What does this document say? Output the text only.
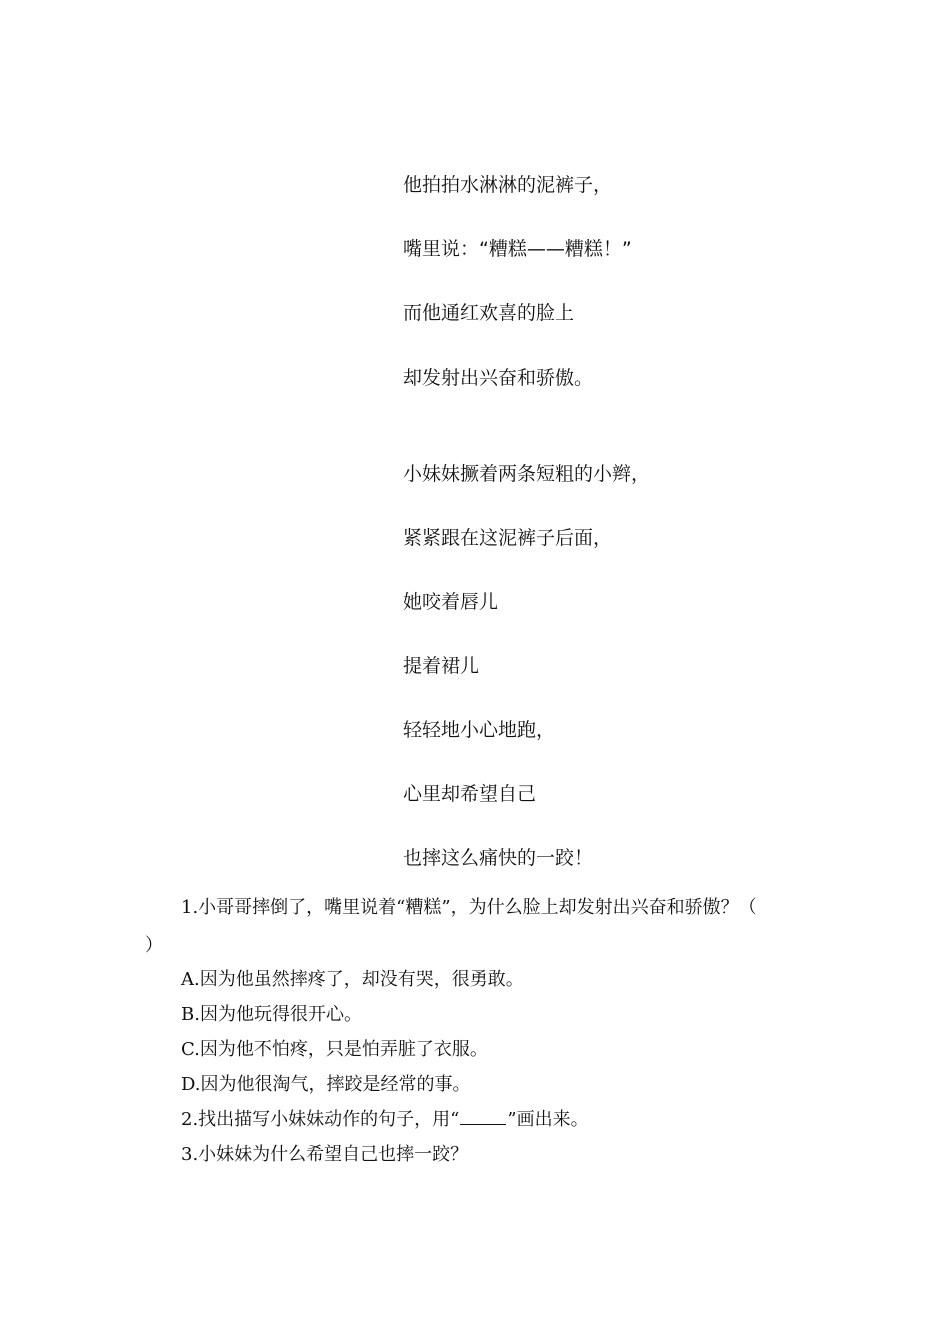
他拍拍水淋淋的泥裤子，
嘴里说：“糟糕——糟糕！”
而他通红欢喜的脸上
却发射出兴奋和骄傲。
小妹妹撅着两条短粗的小辫，
紧紧跟在这泥裤子后面，
她咬着唇儿
提着裙儿
轻轻地小心地跑，
心里却希望自己
也摔这么痛快的一跤！
1.小哥哥摔倒了，嘴里说着“糟糕”，为什么脸上却发射出兴奋和骄傲？（
）
A.因为他虽然摔疼了，却没有哭，很勇敢。
B.因为他玩得很开心。
C.因为他不怕疼，只是怕弄脏了衣服。
D.因为他很淘气，摔跤是经常的事。
2.找出描写小妹妹动作的句子，用“	”画出来。
3.小妹妹为什么希望自己也摔一跤？
